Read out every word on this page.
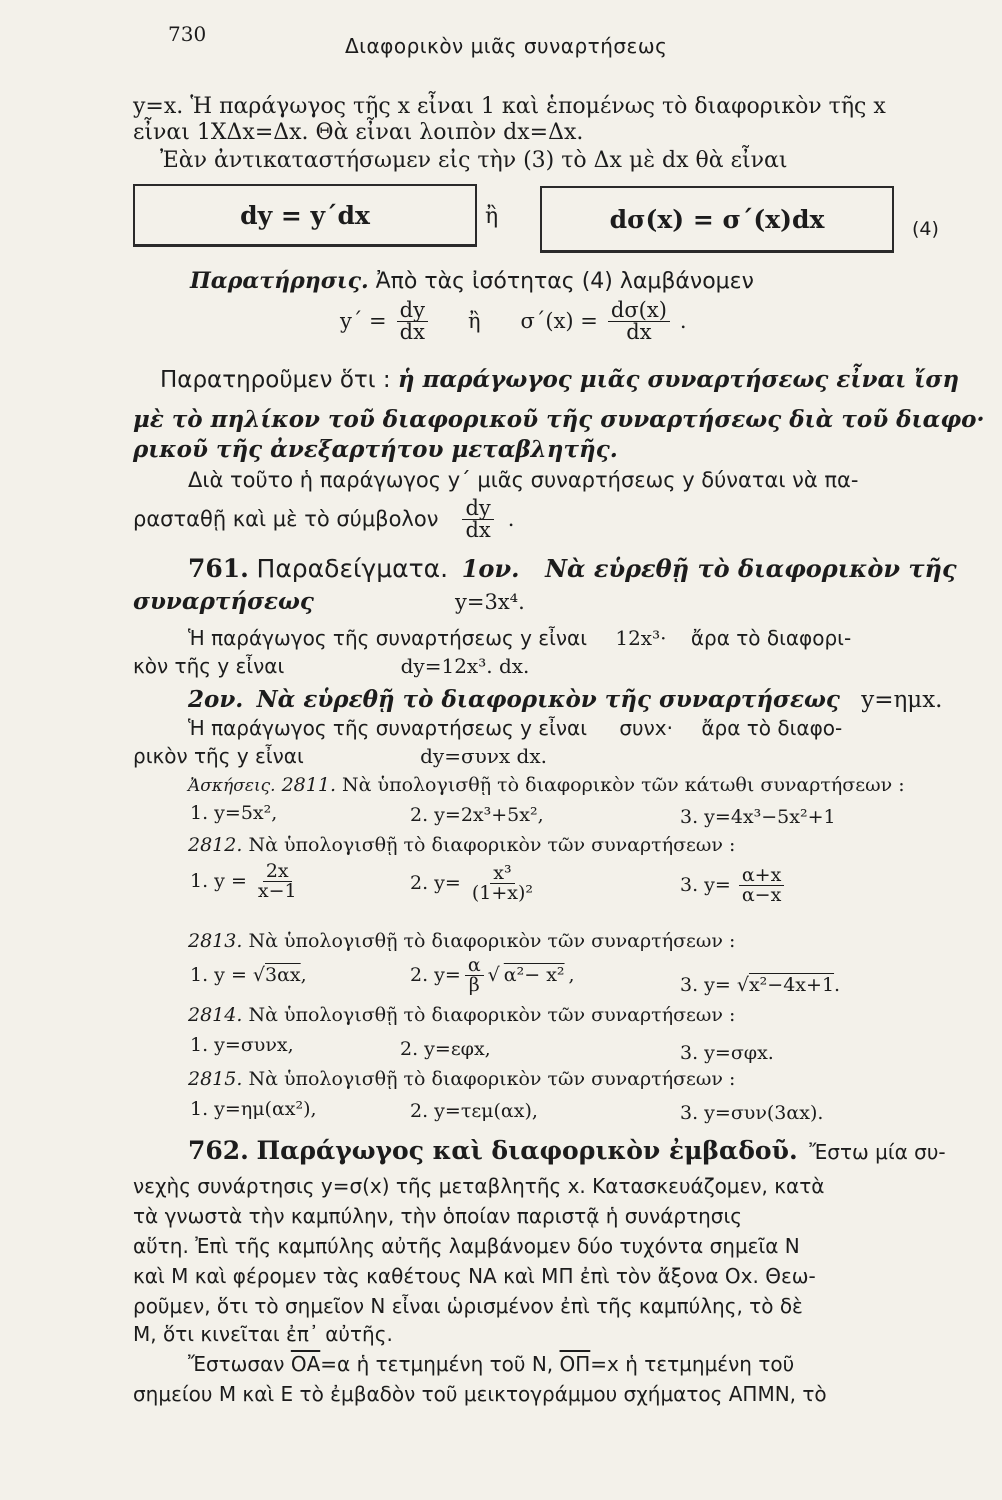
730	Διαφορικὸν μιᾶς συναρτήσεως
y=x. Ἡ παράγωγος τῆς x εἶναι 1 καὶ ἑπομένως τὸ διαφορικὸν τῆς x
εἶναι 1XΔx=Δx. Θὰ εἶναι λοιπὸν dx=Δx.
Ἐὰν ἀντικαταστήσωμεν εἰς τὴν (3) τὸ Δx μὲ dx θὰ εἶναι
dy = y΄dx	ἢ	dσ(x) = σ΄(x)dx	(4)
Παρατήρησις. Ἀπὸ τὰς ἰσότητας (4) λαμβάνομεν
$y΄ = \frac{dy}{dx}$ ἢ $\sigma΄(x) = \frac{d\sigma(x)}{dx}$ .
Παρατηροῦμεν ὅτι : ἡ παράγωγος μιᾶς συναρτήσεως εἶναι ἴση
μὲ τὸ πηλίκον τοῦ διαφορικοῦ τῆς συναρτήσεως διὰ τοῦ διαφο·
ρικοῦ τῆς ἀνεξαρτήτου μεταβλητῆς.
Διὰ τοῦτο ἡ παράγωγος y΄ μιᾶς συναρτήσεως y δύναται νὰ πα-
ρασταθῇ καὶ μὲ τὸ σύμβολον $\frac{dy}{dx}$ .
761. Παραδείγματα. 1ον. Νὰ εὑρεθῇ τὸ διαφορικὸν τῆς
συναρτήσεως	y=3x⁴.
Ἡ παράγωγος τῆς συναρτήσεως y εἶναι 12x³· ἄρα τὸ διαφορι-
κὸν τῆς y εἶναι	dy=12x³. dx.
2ον. Νὰ εὑρεθῇ τὸ διαφορικὸν τῆς συναρτήσεως y=ημx.
Ἡ παράγωγος τῆς συναρτήσεως y εἶναι συνx· ἄρα τὸ διαφο-
ρικὸν τῆς y εἶναι	dy=συνx dx.
Ἀσκήσεις. 2811. Νὰ ὑπολογισθῇ τὸ διαφορικὸν τῶν κάτωθι συναρτήσεων :
1. y=5x²,	2. y=2x³+5x²,	3. y=4x³−5x²+1
2812. Νὰ ὑπολογισθῇ τὸ διαφορικὸν τῶν συναρτήσεων :
1. $y = \frac{2x}{x-1}$	2. $y= \frac{\text{x³}}{\text{(1+x)²}}$	3. $y= \frac{\alpha+x}{\alpha-x}$
2813. Νὰ ὑπολογισθῇ τὸ διαφορικὸν τῶν συναρτήσεων :
1. y = √3αx,	2. $y= \frac{\alpha}{\beta}$ √ α²− x² ,	3. y= √x²−4x+1.
2814. Νὰ ὑπολογισθῇ τὸ διαφορικὸν τῶν συναρτήσεων :
1. y=συνx,	2. y=εφx,	3. y=σφx.
2815. Νὰ ὑπολογισθῇ τὸ διαφορικὸν τῶν συναρτήσεων :
1. y=ημ(αx²),	2. y=τεμ(αx),	3. y=συν(3αx).
762. Παράγωγος καὶ διαφορικὸν ἐμβαδοῦ. Ἔστω μία συ-
νεχὴς συνάρτησις y=σ(x) τῆς μεταβλητῆς x. Κατασκευάζομεν, κατὰ
τὰ γνωστὰ τὴν καμπύλην, τὴν ὁποίαν παριστᾷ ἡ συνάρτησις
αὕτη. Ἐπὶ τῆς καμπύλης αὐτῆς λαμβάνομεν δύο τυχόντα σημεῖα Ν
καὶ Μ καὶ φέρομεν τὰς καθέτους ΝΑ καὶ ΜΠ ἐπὶ τὸν ἄξονα Οx. Θεω-
ροῦμεν, ὅτι τὸ σημεῖον Ν εἶναι ὡρισμένον ἐπὶ τῆς καμπύλης, τὸ δὲ
Μ, ὅτι κινεῖται ἐπ᾽ αὐτῆς.
Ἔστωσαν $\overline{OA}=\alpha$ ἡ τετμημένη τοῦ Ν, $\overline{O\Pi}=x$ ἡ τετμημένη τοῦ
σημείου Μ καὶ Ε τὸ ἐμβαδὸν τοῦ μεικτογράμμου σχήματος ΑΠΜΝ, τὸ
